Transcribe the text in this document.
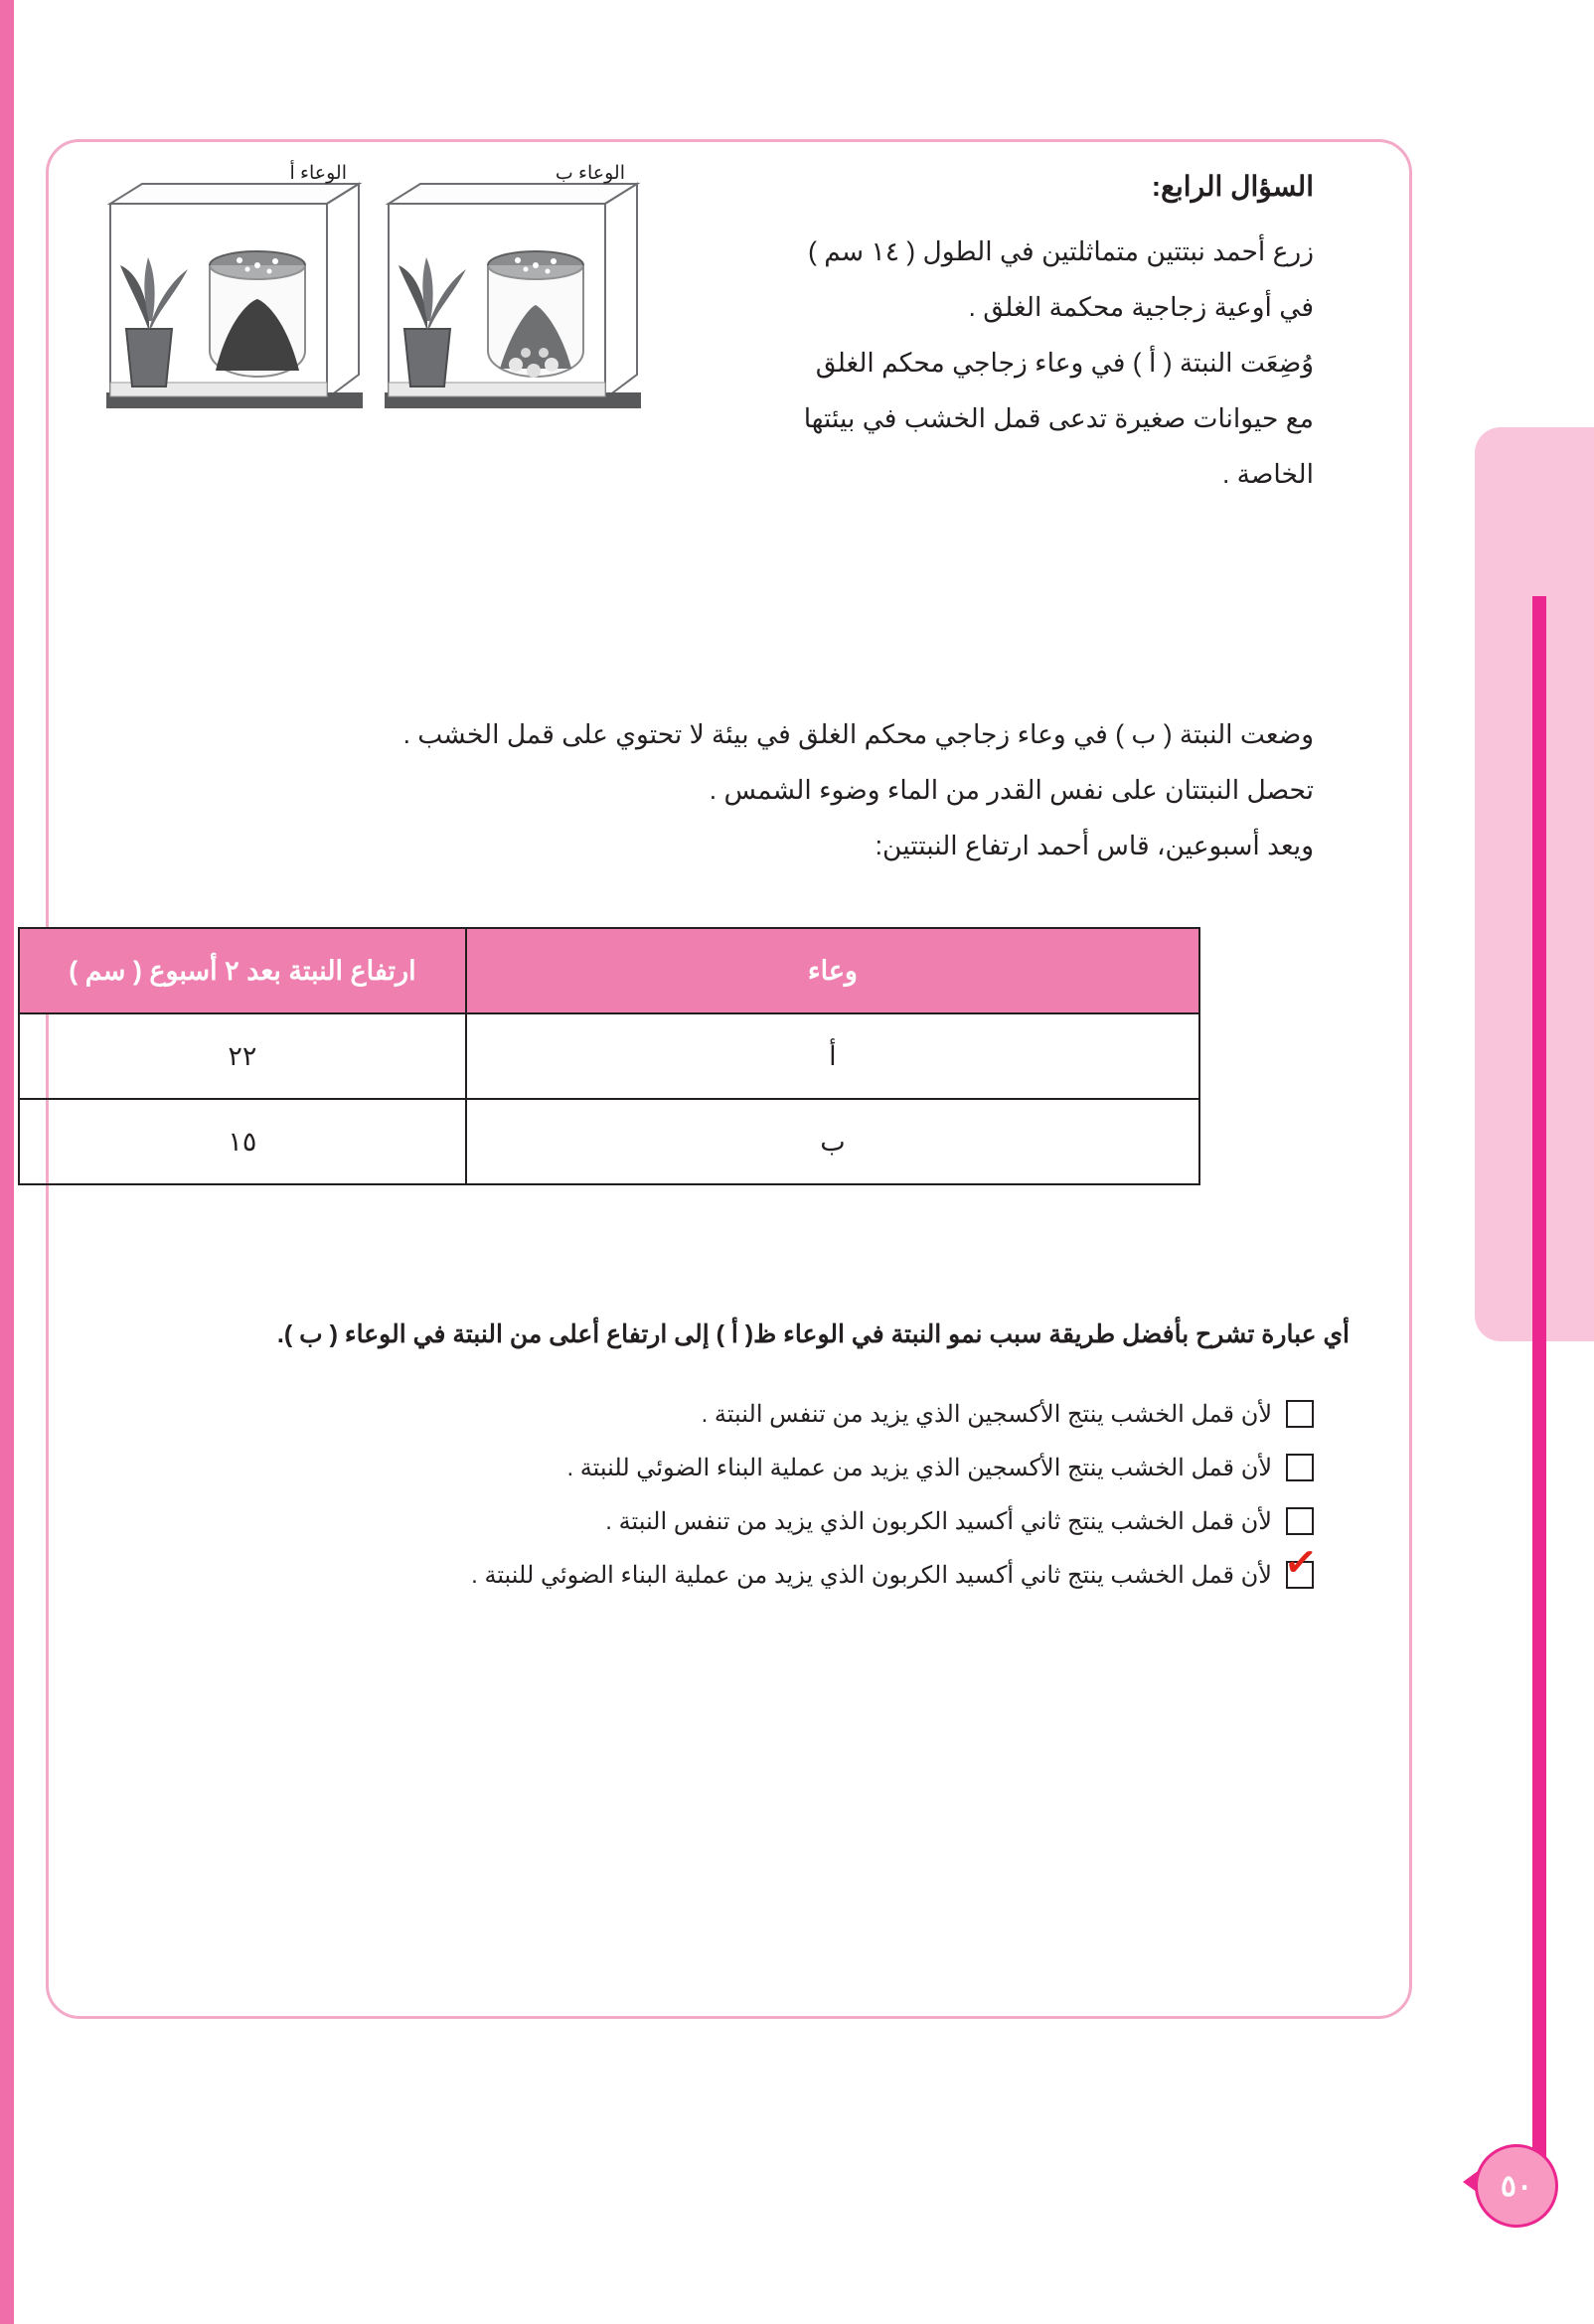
٥٠
الوعاء ب
الوعاء أ	السؤال الرابع:
زرع أحمد نبتتين متماثلتين في الطول ( ١٤ سم )
في أوعية زجاجية محكمة الغلق .
وُضِعَت النبتة ( أ ) في وعاء زجاجي محكم الغلق
مع حيوانات صغيرة تدعى قمل الخشب في بيئتها
الخاصة .
وضعت النبتة ( ب ) في وعاء زجاجي محكم الغلق في بيئة لا تحتوي على قمل الخشب .
تحصل النبتتان على نفس القدر من الماء وضوء الشمس .
ويعد أسبوعين، قاس أحمد ارتفاع النبتتين:
وعاء	ارتفاع النبتة بعد ٢ أسبوع ( سم )
أ	٢٢
ب	١٥
أي عبارة تشرح بأفضل طريقة سبب نمو النبتة في الوعاء ظ( أ ) إلى ارتفاع أعلى من النبتة في الوعاء ( ب ).
لأن قمل الخشب ينتج الأكسجين الذي يزيد من تنفس النبتة .
لأن قمل الخشب ينتج الأكسجين الذي يزيد من عملية البناء الضوئي للنبتة .
لأن قمل الخشب ينتج ثاني أكسيد الكربون الذي يزيد من تنفس النبتة .
✓
لأن قمل الخشب ينتج ثاني أكسيد الكربون الذي يزيد من عملية البناء الضوئي للنبتة .
